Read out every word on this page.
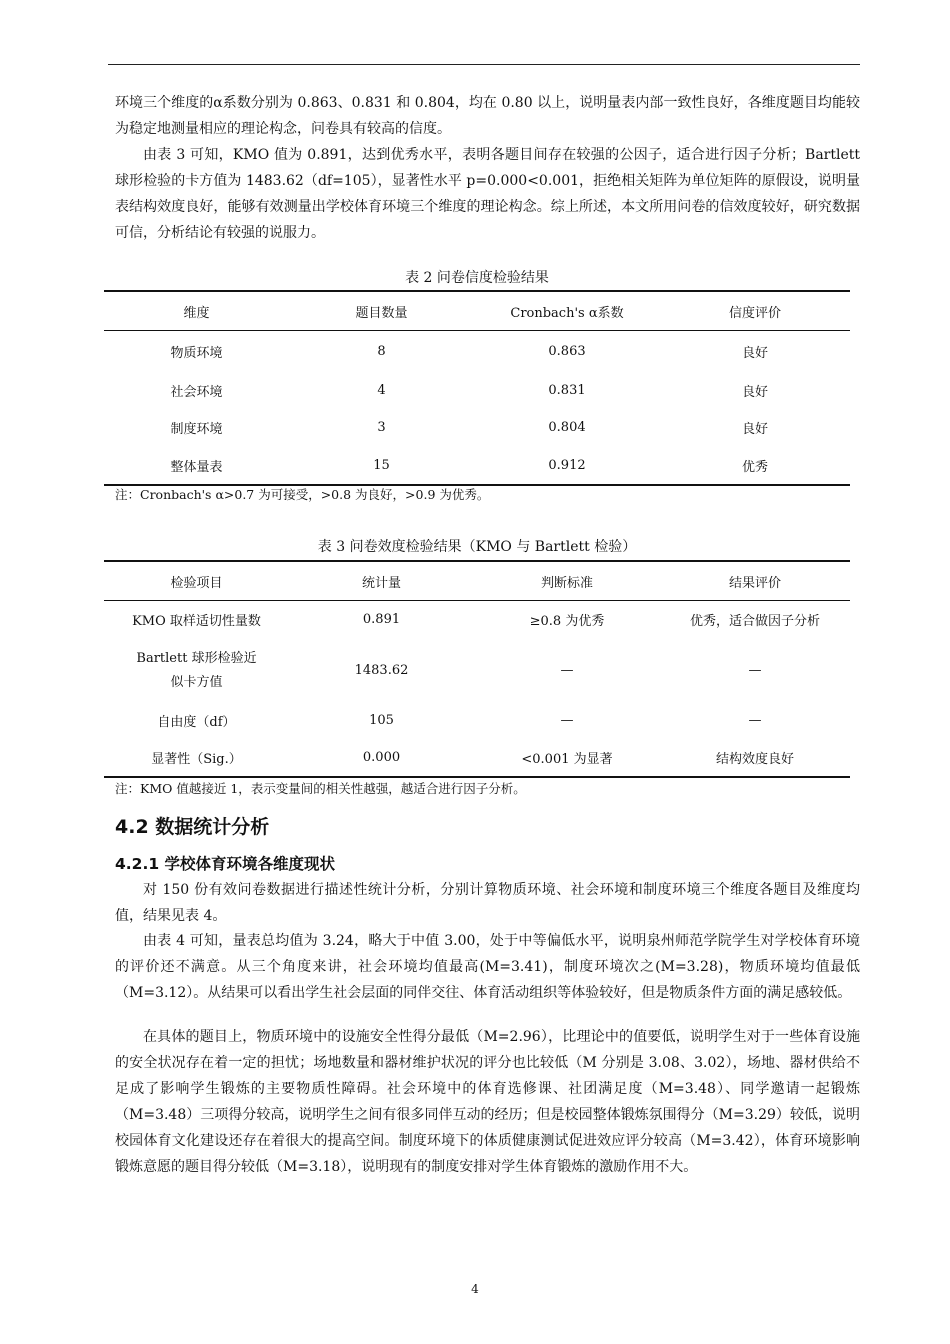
环境三个维度的α系数分别为 0.863、0.831 和 0.804，均在 0.80 以上，说明量表内部一致性良好，各维度题目均能较为稳定地测量相应的理论构念，问卷具有较高的信度。

由表 3 可知，KMO 值为 0.891，达到优秀水平，表明各题目间存在较强的公因子，适合进行因子分析；Bartlett 球形检验的卡方值为 1483.62（df=105），显著性水平 p=0.000<0.001，拒绝相关矩阵为单位矩阵的原假设，说明量表结构效度良好，能够有效测量出学校体育环境三个维度的理论构念。综上所述，本文所用问卷的信效度较好，研究数据可信，分析结论有较强的说服力。

表 2 问卷信度检验结果
维度	题目数量	Cronbach's α系数	信度评价
物质环境	8	0.863	良好
社会环境	4	0.831	良好
制度环境	3	0.804	良好
整体量表	15	0.912	优秀
注：Cronbach's α>0.7 为可接受，>0.8 为良好，>0.9 为优秀。
表 3 问卷效度检验结果（KMO 与 Bartlett 检验）
检验项目	统计量	判断标准	结果评价
KMO 取样适切性量数	0.891	≥0.8 为优秀	优秀，适合做因子分析
Bartlett 球形检验近似卡方值	1483.62	—	—
自由度（df）	105	—	—
显著性（Sig.）	0.000	<0.001 为显著	结构效度良好
注：KMO 值越接近 1，表示变量间的相关性越强，越适合进行因子分析。
4.2 数据统计分析
4.2.1 学校体育环境各维度现状

对 150 份有效问卷数据进行描述性统计分析，分别计算物质环境、社会环境和制度环境三个维度各题目及维度均值，结果见表 4。

由表 4 可知，量表总均值为 3.24，略大于中值 3.00，处于中等偏低水平，说明泉州师范学院学生对学校体育环境的评价还不满意。从三个角度来讲，社会环境均值最高(M=3.41)，制度环境次之(M=3.28)，物质环境均值最低（M=3.12）。从结果可以看出学生社会层面的同伴交往、体育活动组织等体验较好，但是物质条件方面的满足感较低。

在具体的题目上，物质环境中的设施安全性得分最低（M=2.96），比理论中的值要低，说明学生对于一些体育设施的安全状况存在着一定的担忧；场地数量和器材维护状况的评分也比较低（M 分别是 3.08、3.02），场地、器材供给不足成了影响学生锻炼的主要物质性障碍。社会环境中的体育选修课、社团满足度（M=3.48）、同学邀请一起锻炼（M=3.48）三项得分较高，说明学生之间有很多同伴互动的经历；但是校园整体锻炼氛围得分（M=3.29）较低，说明校园体育文化建设还存在着很大的提高空间。制度环境下的体质健康测试促进效应评分较高（M=3.42），体育环境影响锻炼意愿的题目得分较低（M=3.18），说明现有的制度安排对学生体育锻炼的激励作用不大。

4
